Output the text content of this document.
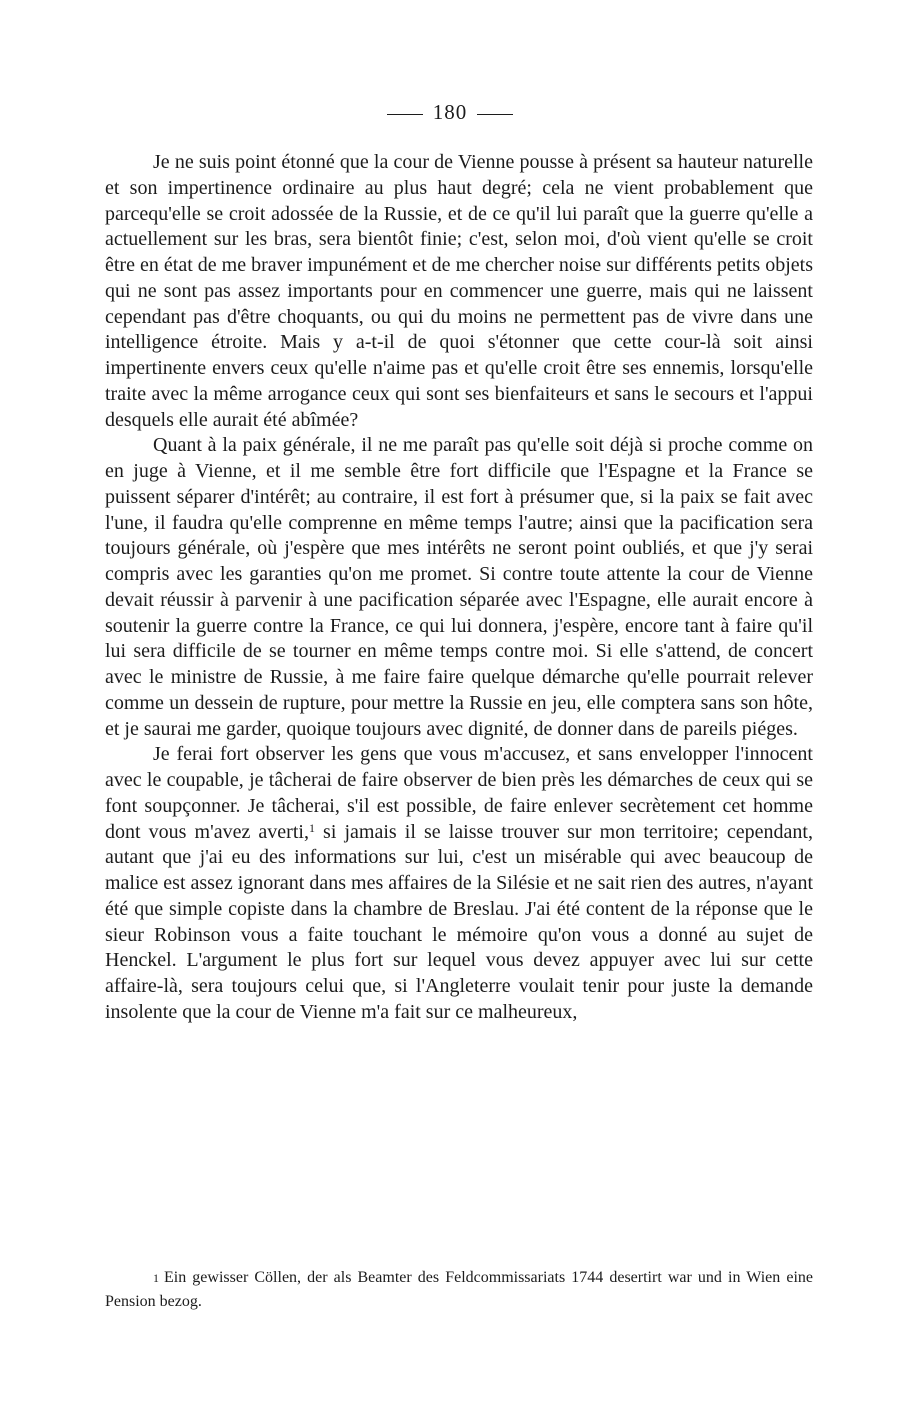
180

Je ne suis point étonné que la cour de Vienne pousse à présent sa hauteur naturelle et son impertinence ordinaire au plus haut degré; cela ne vient probablement que parcequ'elle se croit adossée de la Russie, et de ce qu'il lui paraît que la guerre qu'elle a actuellement sur les bras, sera bientôt finie; c'est, selon moi, d'où vient qu'elle se croit être en état de me braver impunément et de me chercher noise sur différents petits objets qui ne sont pas assez importants pour en commencer une guerre, mais qui ne laissent cependant pas d'être choquants, ou qui du moins ne permettent pas de vivre dans une intelligence étroite. Mais y a-t-il de quoi s'étonner que cette cour-là soit ainsi impertinente envers ceux qu'elle n'aime pas et qu'elle croit être ses ennemis, lorsqu'elle traite avec la même arrogance ceux qui sont ses bienfaiteurs et sans le secours et l'appui desquels elle aurait été abîmée?

Quant à la paix générale, il ne me paraît pas qu'elle soit déjà si proche comme on en juge à Vienne, et il me semble être fort difficile que l'Espagne et la France se puissent séparer d'intérêt; au contraire, il est fort à présumer que, si la paix se fait avec l'une, il faudra qu'elle comprenne en même temps l'autre; ainsi que la pacification sera toujours générale, où j'espère que mes intérêts ne seront point oubliés, et que j'y serai compris avec les garanties qu'on me promet. Si contre toute attente la cour de Vienne devait réussir à parvenir à une pacification séparée avec l'Espagne, elle aurait encore à soutenir la guerre contre la France, ce qui lui donnera, j'espère, encore tant à faire qu'il lui sera difficile de se tourner en même temps contre moi. Si elle s'attend, de concert avec le ministre de Russie, à me faire faire quelque démarche qu'elle pourrait relever comme un dessein de rupture, pour mettre la Russie en jeu, elle comptera sans son hôte, et je saurai me garder, quoique toujours avec dignité, de donner dans de pareils piéges.

Je ferai fort observer les gens que vous m'accusez, et sans envelopper l'innocent avec le coupable, je tâcherai de faire observer de bien près les démarches de ceux qui se font soupçonner. Je tâcherai, s'il est possible, de faire enlever secrètement cet homme dont vous m'avez averti,$^1$ si jamais il se laisse trouver sur mon territoire; cependant, autant que j'ai eu des informations sur lui, c'est un misérable qui avec beaucoup de malice est assez ignorant dans mes affaires de la Silésie et ne sait rien des autres, n'ayant été que simple copiste dans la chambre de Breslau. J'ai été content de la réponse que le sieur Robinson vous a faite touchant le mémoire qu'on vous a donné au sujet de Henckel. L'argument le plus fort sur lequel vous devez appuyer avec lui sur cette affaire-là, sera toujours celui que, si l'Angleterre voulait tenir pour juste la demande insolente que la cour de Vienne m'a fait sur ce malheureux,

1 Ein gewisser Cöllen, der als Beamter des Feldcommissariats 1744 desertirt war und in Wien eine Pension bezog.
